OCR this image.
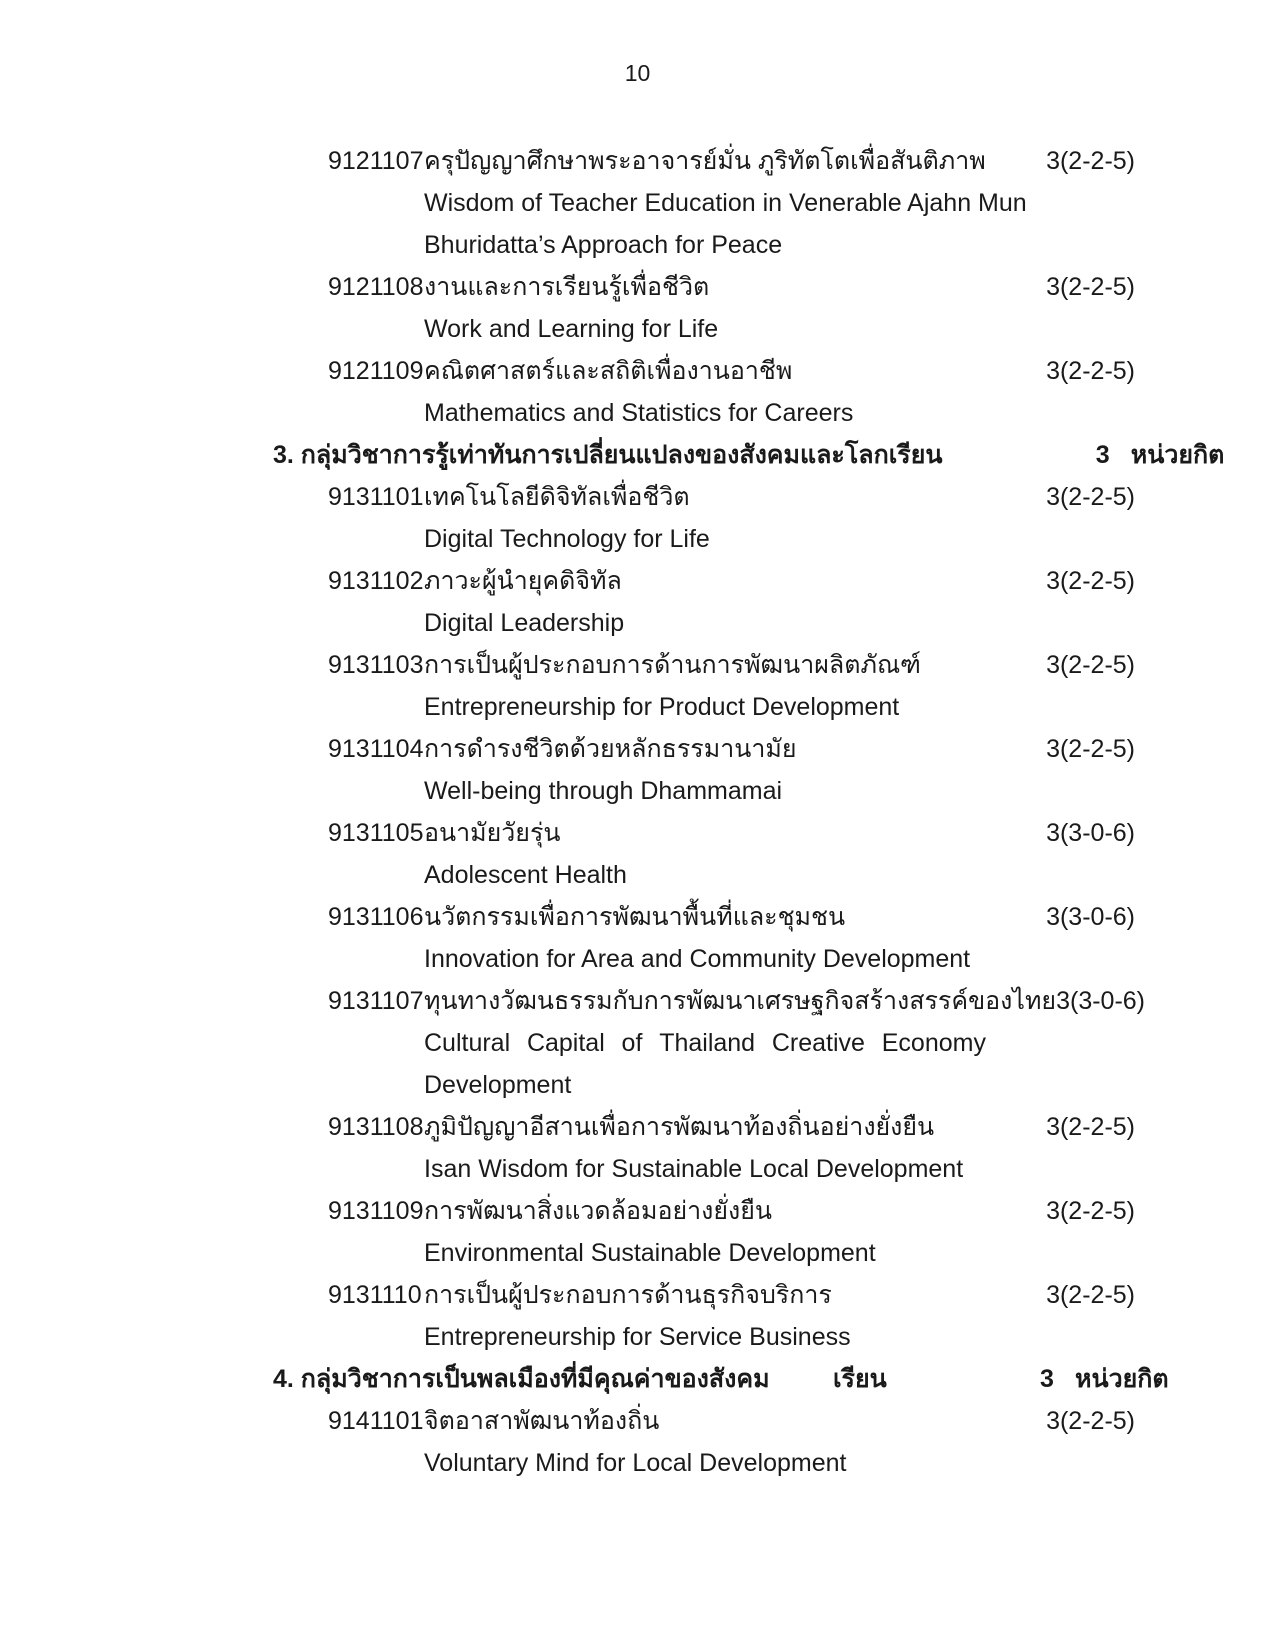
10
9121107 ครุปัญญาศึกษาพระอาจารย์มั่น ภูริทัตโตเพื่อสันติภาพ	3(2-2-5)
Wisdom of Teacher Education in Venerable Ajahn Mun
Bhuridatta’s Approach for Peace
9121108 งานและการเรียนรู้เพื่อชีวิต	3(2-2-5)
Work and Learning for Life
9121109 คณิตศาสตร์และสถิติเพื่องานอาชีพ	3(2-2-5)
Mathematics and Statistics for Careers
3. กลุ่มวิชาการรู้เท่าทันการเปลี่ยนแปลงของสังคมและโลก เรียน	3 หน่วยกิต
9131101 เทคโนโลยีดิจิทัลเพื่อชีวิต	3(2-2-5)
Digital Technology for Life
9131102 ภาวะผู้นำยุคดิจิทัล	3(2-2-5)
Digital Leadership
9131103 การเป็นผู้ประกอบการด้านการพัฒนาผลิตภัณฑ์	3(2-2-5)
Entrepreneurship for Product Development
9131104 การดำรงชีวิตด้วยหลักธรรมานามัย	3(2-2-5)
Well-being through Dhammamai
9131105 อนามัยวัยรุ่น	3(3-0-6)
Adolescent Health
9131106 นวัตกรรมเพื่อการพัฒนาพื้นที่และชุมชน	3(3-0-6)
Innovation for Area and Community Development
9131107 ทุนทางวัฒนธรรมกับการพัฒนาเศรษฐกิจสร้างสรรค์ของไทย 3(3-0-6)
Cultural Capital of Thailand Creative Economy
Development
9131108 ภูมิปัญญาอีสานเพื่อการพัฒนาท้องถิ่นอย่างยั่งยืน	3(2-2-5)
Isan Wisdom for Sustainable Local Development
9131109 การพัฒนาสิ่งแวดล้อมอย่างยั่งยืน	3(2-2-5)
Environmental Sustainable Development
9131110 การเป็นผู้ประกอบการด้านธุรกิจบริการ	3(2-2-5)
Entrepreneurship for Service Business
4. กลุ่มวิชาการเป็นพลเมืองที่มีคุณค่าของสังคม	เรียน	3 หน่วยกิต
9141101 จิตอาสาพัฒนาท้องถิ่น	3(2-2-5)
Voluntary Mind for Local Development
